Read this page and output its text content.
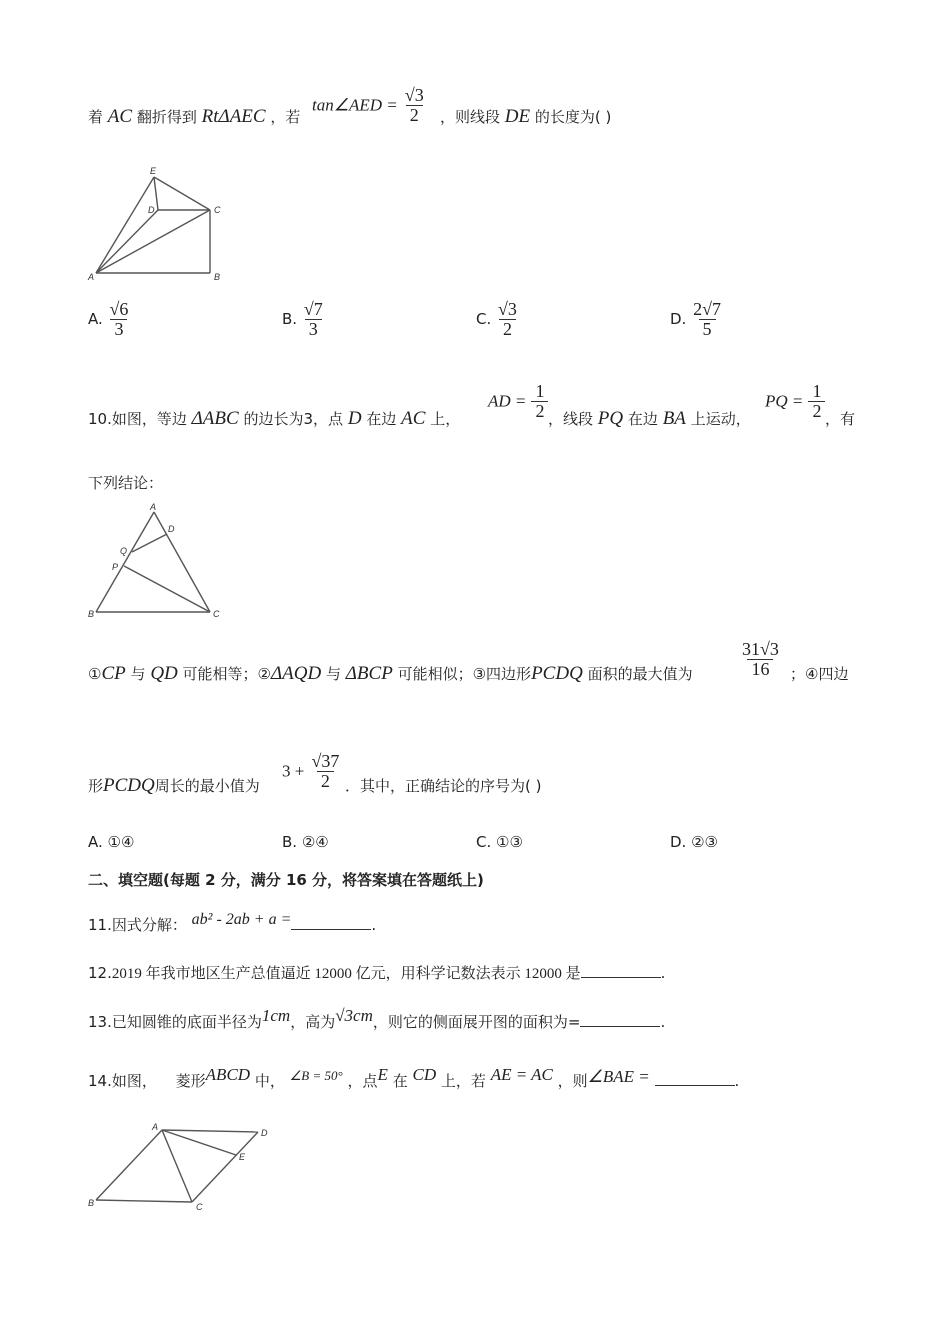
着 AC 翻折得到 RtΔAEC ，若
tan∠AED = $\frac{√3}{2}$ ，则线段 DE 的长度为( )
E
D	C
A	B
A. $\frac{√6}{3}$	B. $\frac{√7}{3}$	C. $\frac{√3}{2}$	D. $\frac{2√7}{5}$
10.如图，等边 ΔABC 的边长为3，点 D 在边 AC 上，
AD = $\frac{1}{2}$ ，线段 PQ 在边 BA 上运动，
PQ = $\frac{1}{2}$ ，有
下列结论：
A
D
Q
P
B	C
①CP 与 QD 可能相等；②ΔAQD 与 ΔBCP 可能相似；③四边形PCDQ 面积的最大值为	$\frac{31√3}{16}$ ；④四边
形PCDQ周长的最小值为
$3 + \frac{√37}{2}$ ．其中，正确结论的序号为( )
A. ①④	B. ②④	C. ①③	D. ②③
二、填空题(每题 2 分，满分 16 分，将答案填在答题纸上)
11.因式分解： ab² - 2ab + a =	.
12.2019 年我市地区生产总值逼近 12000 亿元，用科学记数法表示 12000 是	.
13.已知圆锥的底面半径为1cm，高为√3cm，则它的侧面展开图的面积为=	.
14.如图， 菱形ABCD 中， ∠B = 50° ，点E 在 CD 上，若 AE = AC ，则∠BAE =	.
A
D
E
B	C
